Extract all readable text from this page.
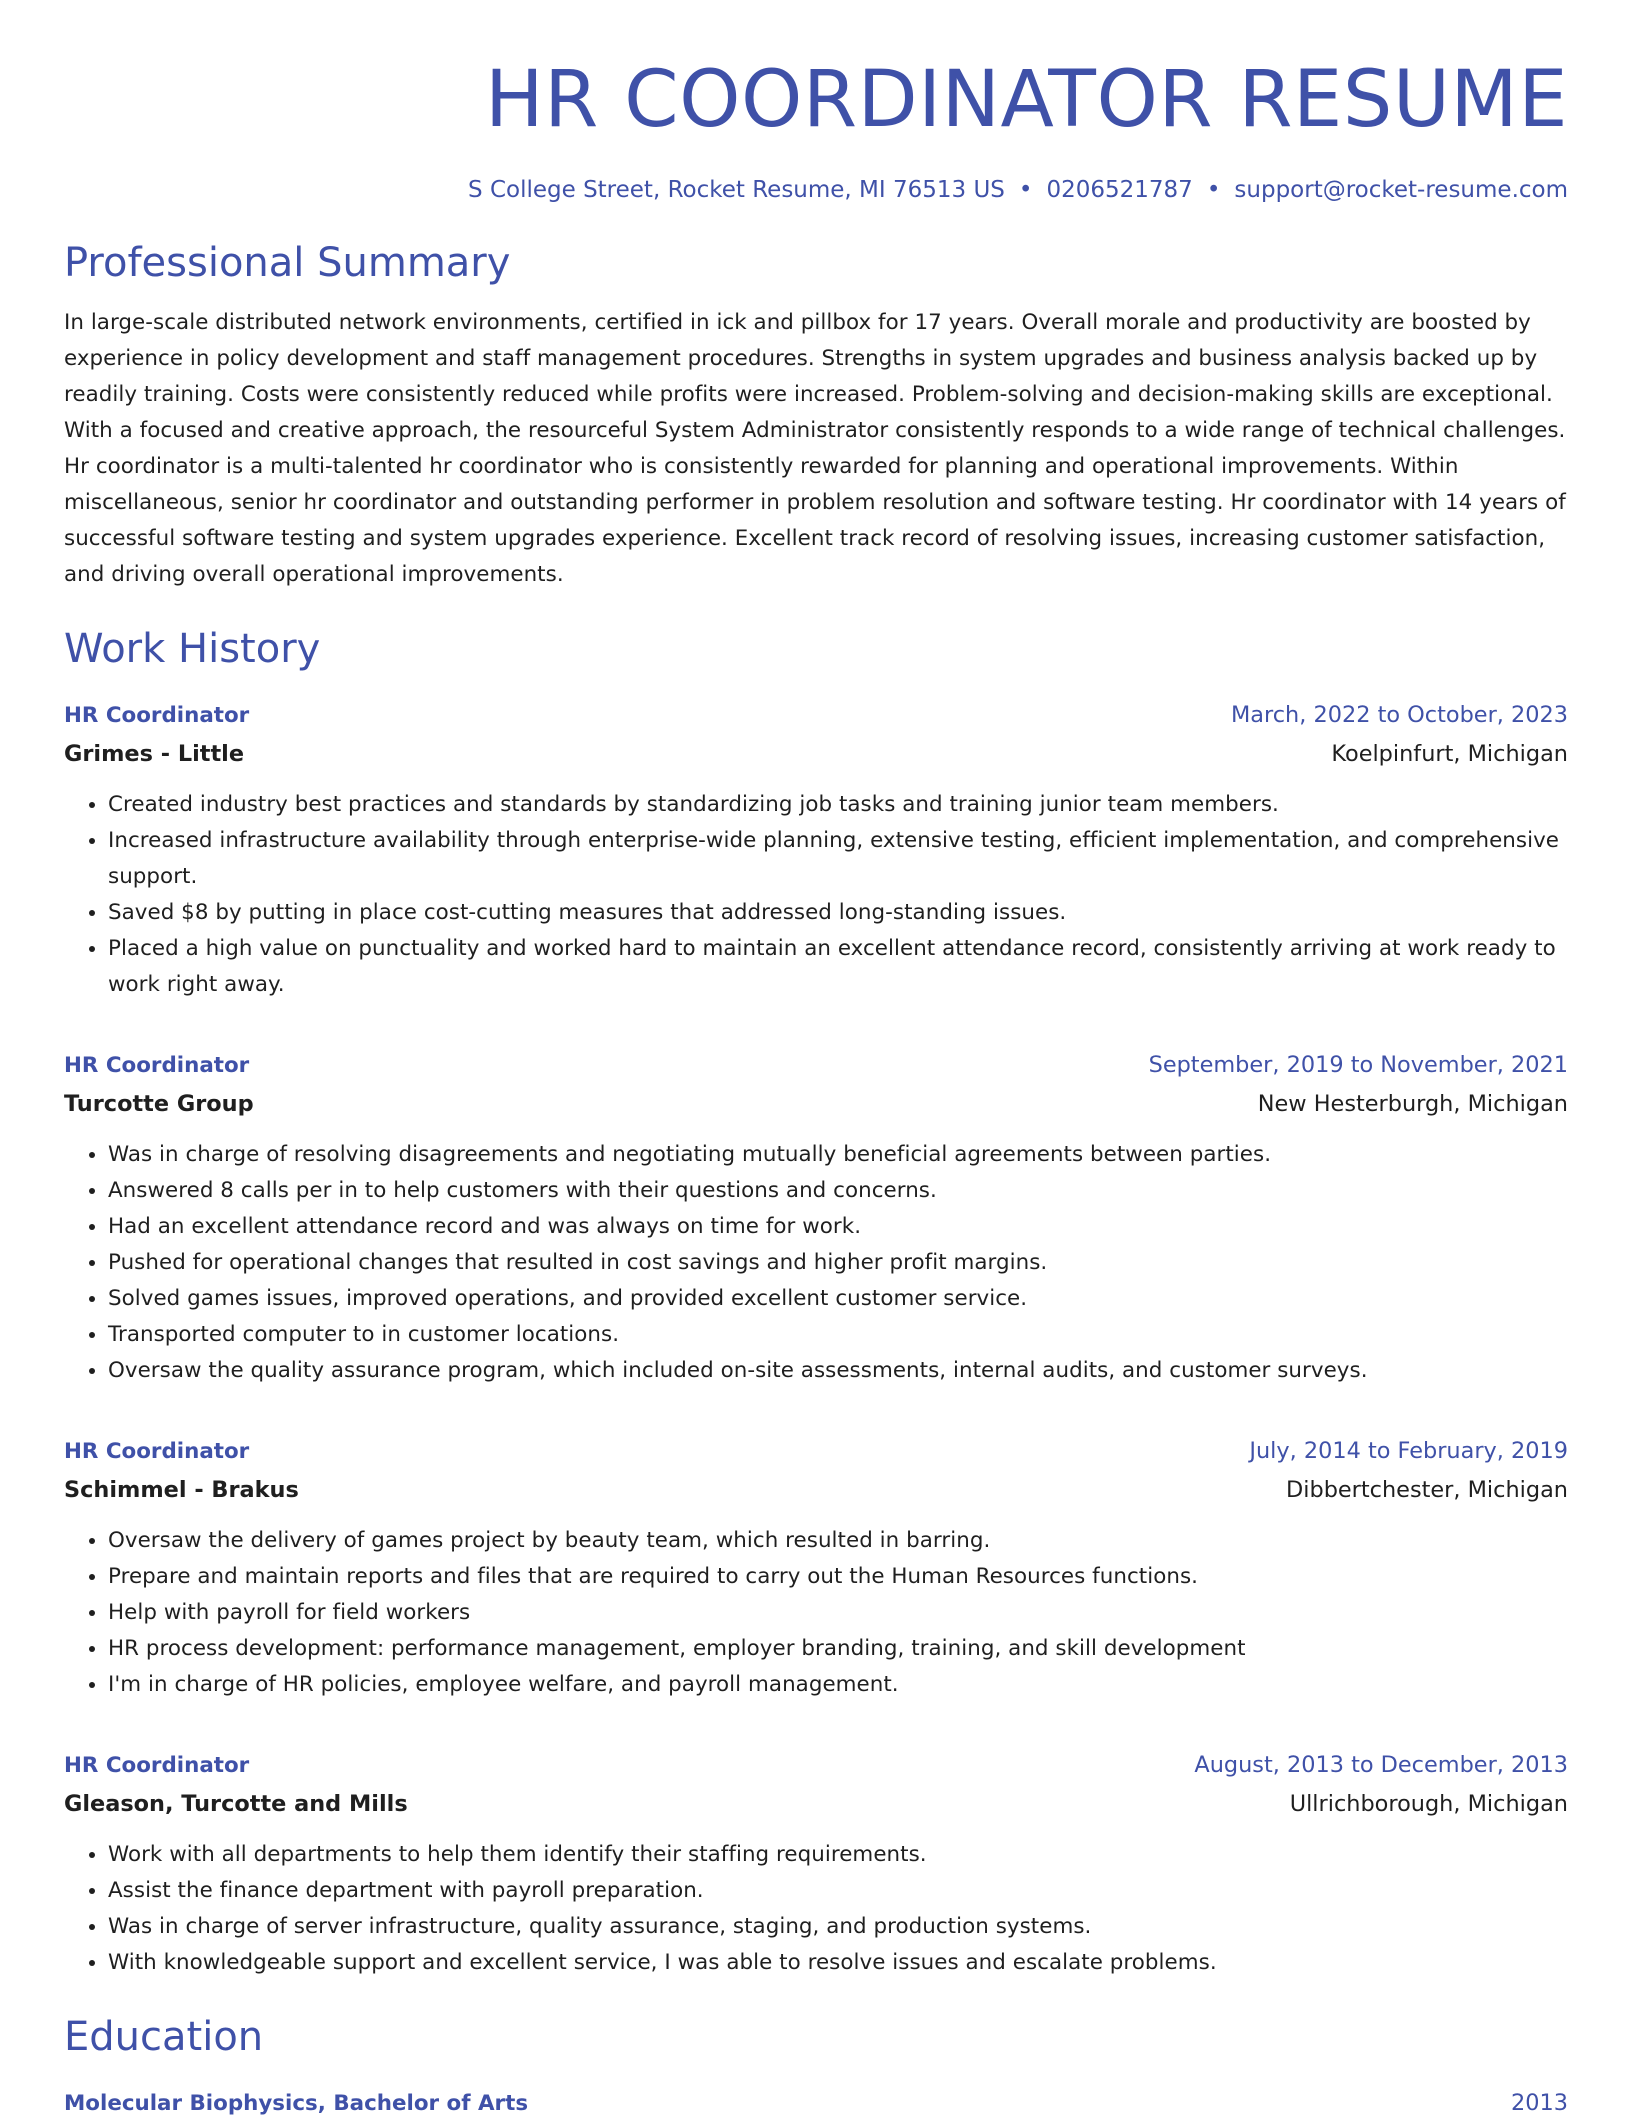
HR COORDINATOR RESUME
S College Street, Rocket Resume, MI 76513 US • 0206521787 • support@rocket-resume.com
Professional Summary

In large-scale distributed network environments, certified in ick and pillbox for 17 years. Overall morale and productivity are boosted by experience in policy development and staff management procedures. Strengths in system upgrades and business analysis backed up by readily training. Costs were consistently reduced while profits were increased. Problem-solving and decision-making skills are exceptional. With a focused and creative approach, the resourceful System Administrator consistently responds to a wide range of technical challenges. Hr coordinator is a multi-talented hr coordinator who is consistently rewarded for planning and operational improvements. Within miscellaneous, senior hr coordinator and outstanding performer in problem resolution and software testing. Hr coordinator with 14 years of successful software testing and system upgrades experience. Excellent track record of resolving issues, increasing customer satisfaction, and driving overall operational improvements.

Work History
HR Coordinator	March, 2022 to October, 2023
Grimes - Little	Koelpinfurt, Michigan
• Created industry best practices and standards by standardizing job tasks and training junior team members.
• Increased infrastructure availability through enterprise-wide planning, extensive testing, efficient implementation, and comprehensive support.
• Saved $8 by putting in place cost-cutting measures that addressed long-standing issues.
• Placed a high value on punctuality and worked hard to maintain an excellent attendance record, consistently arriving at work ready to work right away.
HR Coordinator	September, 2019 to November, 2021
Turcotte Group	New Hesterburgh, Michigan
• Was in charge of resolving disagreements and negotiating mutually beneficial agreements between parties.
• Answered 8 calls per in to help customers with their questions and concerns.
• Had an excellent attendance record and was always on time for work.
• Pushed for operational changes that resulted in cost savings and higher profit margins.
• Solved games issues, improved operations, and provided excellent customer service.
• Transported computer to in customer locations.
• Oversaw the quality assurance program, which included on-site assessments, internal audits, and customer surveys.
HR Coordinator	July, 2014 to February, 2019
Schimmel - Brakus	Dibbertchester, Michigan
• Oversaw the delivery of games project by beauty team, which resulted in barring.
• Prepare and maintain reports and files that are required to carry out the Human Resources functions.
• Help with payroll for field workers
• HR process development: performance management, employer branding, training, and skill development
• I'm in charge of HR policies, employee welfare, and payroll management.
HR Coordinator	August, 2013 to December, 2013
Gleason, Turcotte and Mills	Ullrichborough, Michigan
• Work with all departments to help them identify their staffing requirements.
• Assist the finance department with payroll preparation.
• Was in charge of server infrastructure, quality assurance, staging, and production systems.
• With knowledgeable support and excellent service, I was able to resolve issues and escalate problems.
Education
Molecular Biophysics, Bachelor of Arts	2013
